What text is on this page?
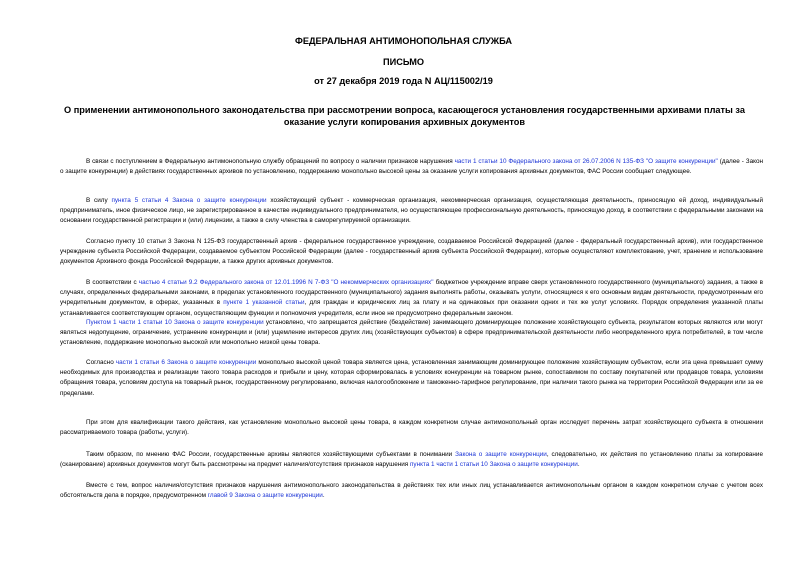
ФЕДЕРАЛЬНАЯ АНТИМОНОПОЛЬНАЯ СЛУЖБА
ПИСЬМО
от 27 декабря 2019 года N АЦ/115002/19
О применении антимонопольного законодательства при рассмотрении вопроса, касающегося установления государственными архивами платы за оказание услуги копирования архивных документов

В связи с поступлением в Федеральную антимонопольную службу обращений по вопросу о наличии признаков нарушения части 1 статьи 10 Федерального закона от 26.07.2006 N 135-ФЗ "О защите конкуренции" (далее - Закон о защите конкуренции) в действиях государственных архивов по установлению, поддержанию монопольно высокой цены за оказание услуги копирования архивных документов, ФАС России сообщает следующее.

В силу пункта 5 статьи 4 Закона о защите конкуренции хозяйствующий субъект - коммерческая организация, некоммерческая организация, осуществляющая деятельность, приносящую ей доход, индивидуальный предприниматель, иное физическое лицо, не зарегистрированное в качестве индивидуального предпринимателя, но осуществляющее профессиональную деятельность, приносящую доход, в соответствии с федеральными законами на основании государственной регистрации и (или) лицензии, а также в силу членства в саморегулируемой организации.

Согласно пункту 10 статьи 3 Закона N 125-ФЗ государственный архив - федеральное государственное учреждение, создаваемое Российской Федерацией (далее - федеральный государственный архив), или государственное учреждение субъекта Российской Федерации, создаваемое субъектом Российской Федерации (далее - государственный архив субъекта Российской Федерации), которые осуществляют комплектование, учет, хранение и использование документов Архивного фонда Российской Федерации, а также других архивных документов.

В соответствии с частью 4 статьи 9.2 Федерального закона от 12.01.1996 N 7-ФЗ "О некоммерческих организациях" бюджетное учреждение вправе сверх установленного государственного (муниципального) задания, а также в случаях, определенных федеральными законами, в пределах установленного государственного (муниципального) задания выполнять работы, оказывать услуги, относящиеся к его основным видам деятельности, предусмотренным его учредительным документом, в сферах, указанных в пункте 1 указанной статьи, для граждан и юридических лиц за плату и на одинаковых при оказании одних и тех же услуг условиях. Порядок определения указанной платы устанавливается соответствующим органом, осуществляющим функции и полномочия учредителя, если иное не предусмотрено федеральным законом.

Пунктом 1 части 1 статьи 10 Закона о защите конкуренции установлено, что запрещается действие (бездействие) занимающего доминирующее положение хозяйствующего субъекта, результатом которых являются или могут являться недопущение, ограничение, устранение конкуренции и (или) ущемление интересов других лиц (хозяйствующих субъектов) в сфере предпринимательской деятельности либо неопределенного круга потребителей, в том числе установление, поддержание монопольно высокой или монопольно низкой цены товара.

Согласно части 1 статьи 6 Закона о защите конкуренции монопольно высокой ценой товара является цена, установленная занимающим доминирующее положение хозяйствующим субъектом, если эта цена превышает сумму необходимых для производства и реализации такого товара расходов и прибыли и цену, которая сформировалась в условиях конкуренции на товарном рынке, сопоставимом по составу покупателей или продавцов товара, условиям обращения товара, условиям доступа на товарный рынок, государственному регулированию, включая налогообложение и таможенно-тарифное регулирование, при наличии такого рынка на территории Российской Федерации или за ее пределами.

При этом для квалификации такого действия, как установление монопольно высокой цены товара, в каждом конкретном случае антимонопольный орган исследует перечень затрат хозяйствующего субъекта в отношении рассматриваемого товара (работы, услуги).

Таким образом, по мнению ФАС России, государственные архивы являются хозяйствующими субъектами в понимании Закона о защите конкуренции, следовательно, их действия по установлению платы за копирование (сканирование) архивных документов могут быть рассмотрены на предмет наличия/отсутствия признаков нарушения пункта 1 части 1 статьи 10 Закона о защите конкуренции.

Вместе с тем, вопрос наличия/отсутствия признаков нарушения антимонопольного законодательства в действиях тех или иных лиц устанавливается антимонопольным органом в каждом конкретном случае с учетом всех обстоятельств дела в порядке, предусмотренном главой 9 Закона о защите конкуренции.
